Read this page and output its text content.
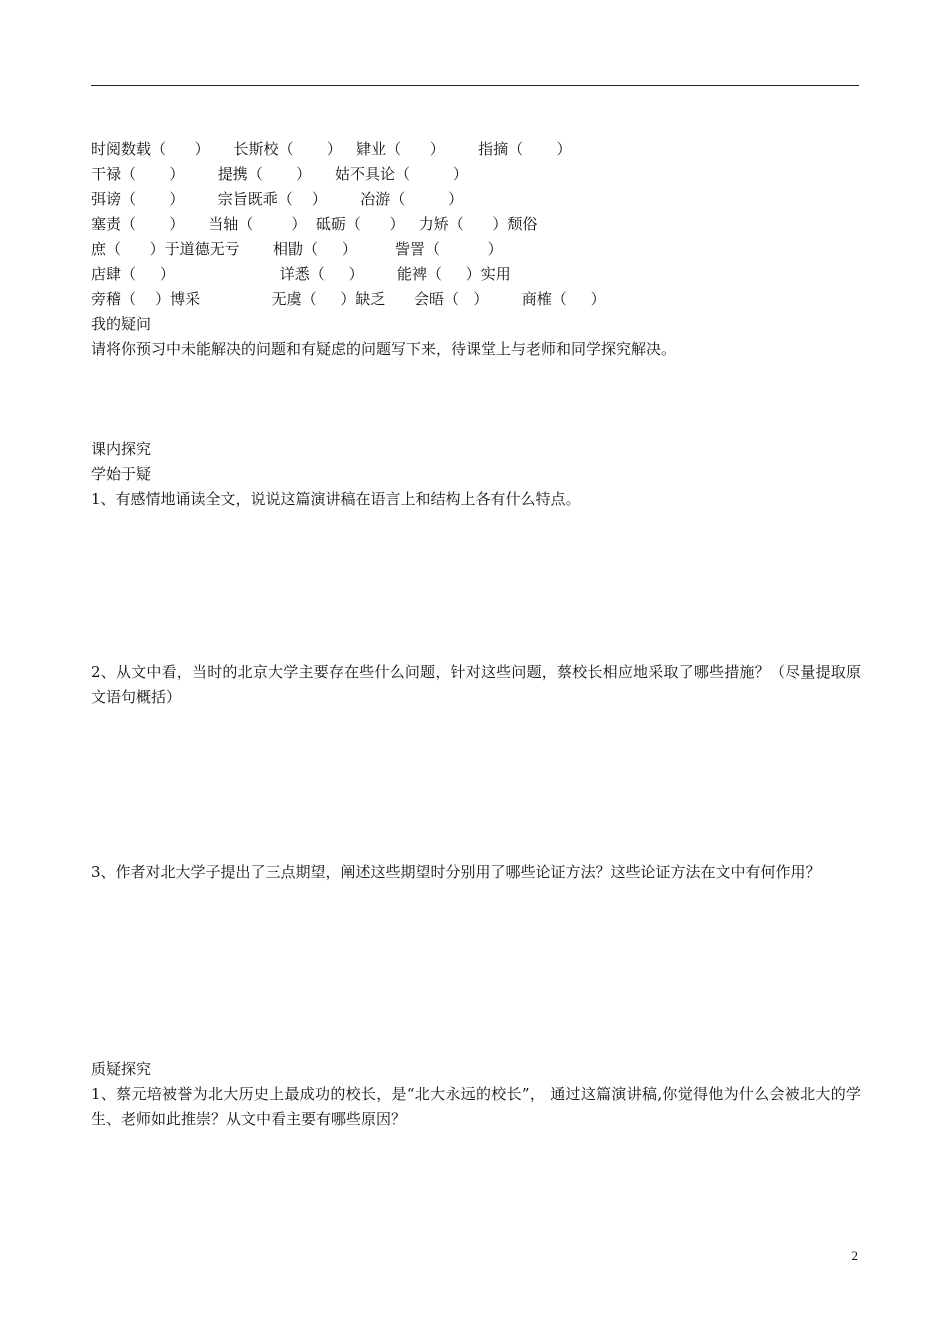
时阅数载（      ）     长斯校（       ）   肄业（      ）       指摘（       ）

干禄（       ）       提携（       ）     姑不具论（         ）

弭谤（       ）       宗旨既乖（    ）       冶游（         ）

塞责（       ）     当轴（        ）  砥砺（      ）   力矫（      ）颓俗

庶（      ）于道德无亏       相勖（     ）        訾詈（          ）

店肆（     ）                      详悉（     ）       能裨（     ）实用

旁稽（    ）博采               无虞（     ）缺乏      会晤（   ）       商榷（     ）

我的疑问

请将你预习中未能解决的问题和有疑虑的问题写下来，待课堂上与老师和同学探究解决。

课内探究

学始于疑

1、有感情地诵读全文，说说这篇演讲稿在语言上和结构上各有什么特点。

2、从文中看，当时的北京大学主要存在些什么问题，针对这些问题，蔡校长相应地采取了哪些措施？（尽量提取原文语句概括）

3、作者对北大学子提出了三点期望，阐述这些期望时分别用了哪些论证方法？这些论证方法在文中有何作用？

质疑探究

1、蔡元培被誉为北大历史上最成功的校长，是“北大永远的校长”， 通过这篇演讲稿,你觉得他为什么会被北大的学生、老师如此推崇？从文中看主要有哪些原因？

2
